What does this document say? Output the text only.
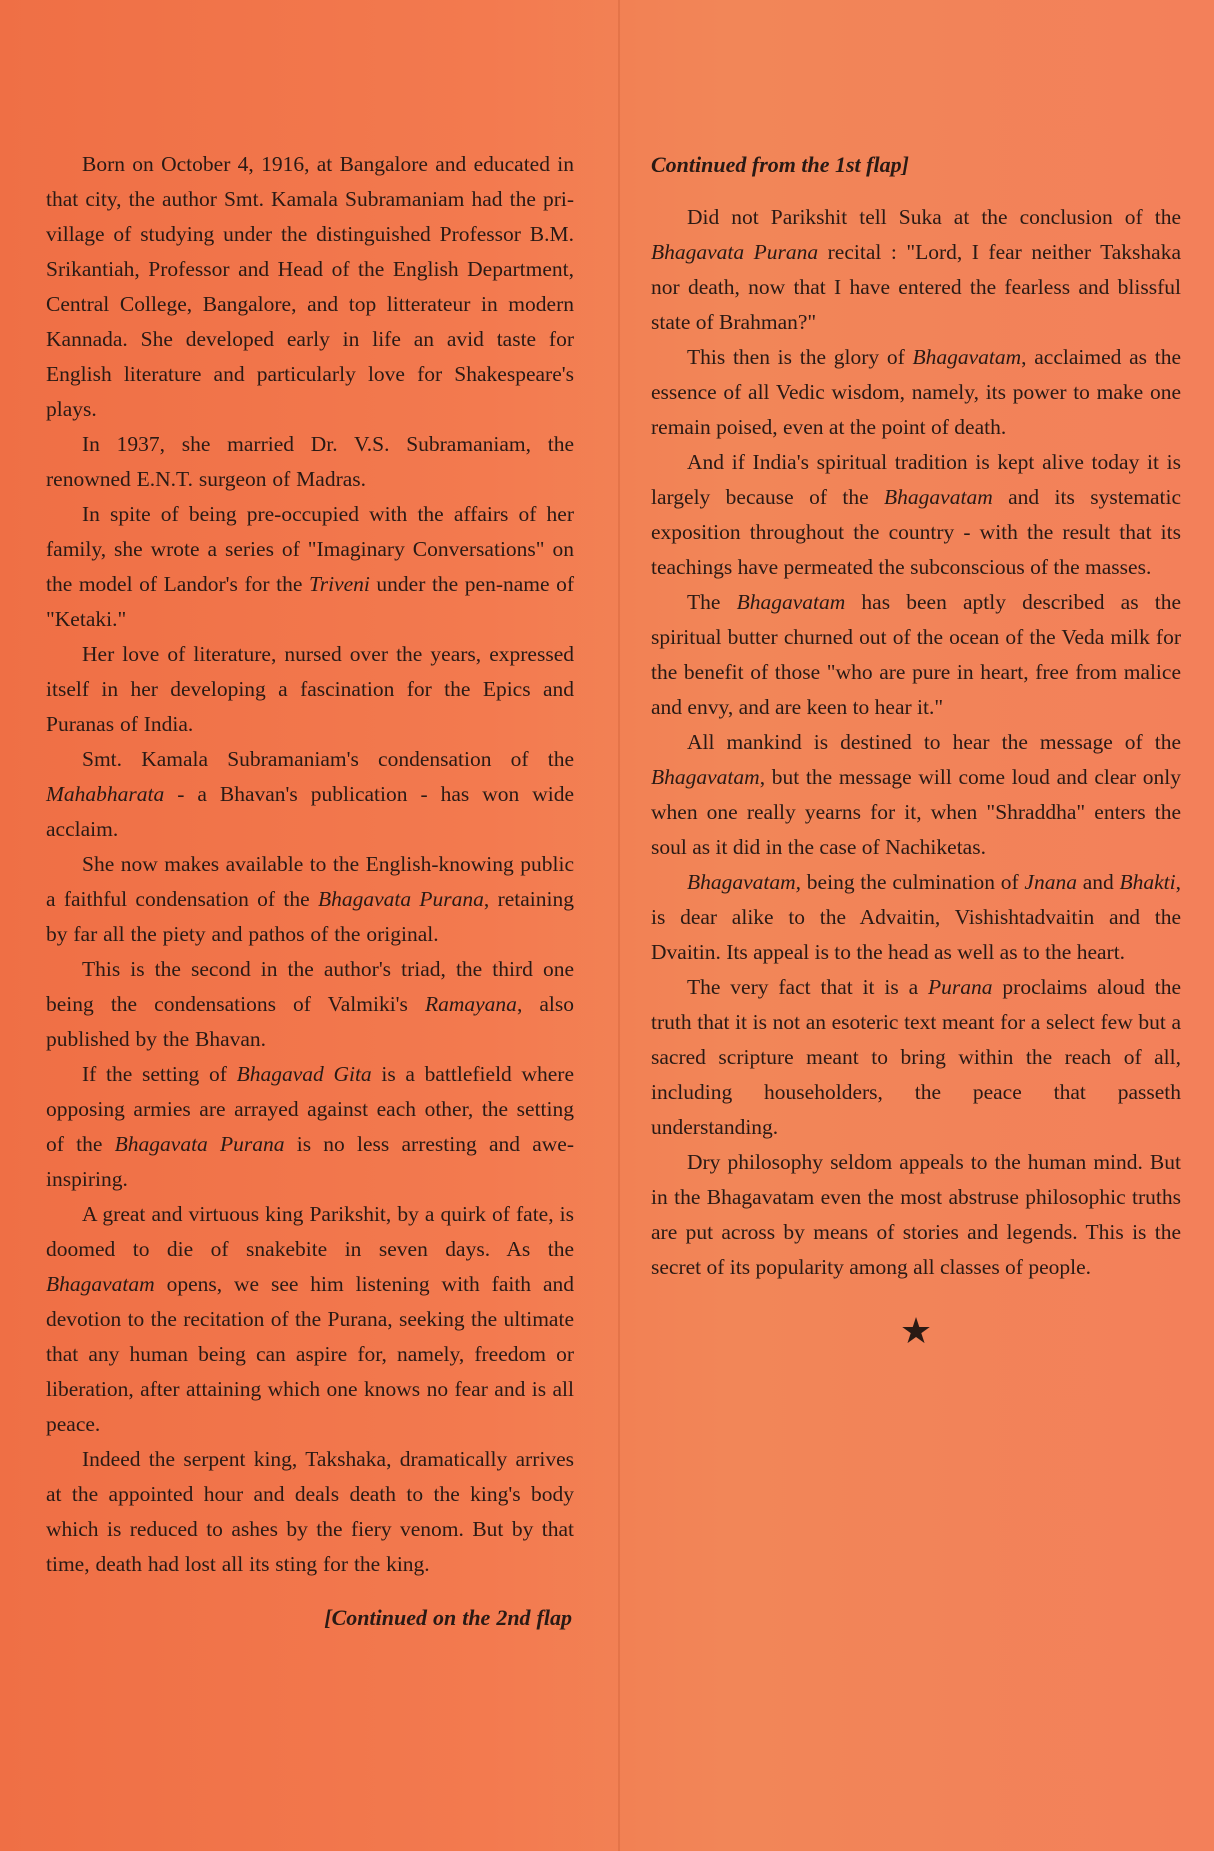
Born on October 4, 1916, at Bangalore and educated in that city, the author Smt. Kamala Subramaniam had the pri-village of studying under the distinguished Professor B.M. Srikantiah, Professor and Head of the English Department, Central College, Bangalore, and top litterateur in modern Kannada. She developed early in life an avid taste for English literature and particularly love for Shakespeare's plays.

In 1937, she married Dr. V.S. Subramaniam, the renowned E.N.T. surgeon of Madras.

In spite of being pre-occupied with the affairs of her family, she wrote a series of "Imaginary Conversations" on the model of Landor's for the Triveni under the pen-name of "Ketaki."

Her love of literature, nursed over the years, expressed itself in her developing a fascination for the Epics and Puranas of India.

Smt. Kamala Subramaniam's condensation of the Mahabharata - a Bhavan's publication - has won wide acclaim.

She now makes available to the English-knowing public a faithful condensation of the Bhagavata Purana, retaining by far all the piety and pathos of the original.

This is the second in the author's triad, the third one being the condensations of Valmiki's Ramayana, also published by the Bhavan.

If the setting of Bhagavad Gita is a battlefield where opposing armies are arrayed against each other, the setting of the Bhagavata Purana is no less arresting and awe-inspiring.

A great and virtuous king Parikshit, by a quirk of fate, is doomed to die of snakebite in seven days. As the Bhagavatam opens, we see him listening with faith and devotion to the recitation of the Purana, seeking the ultimate that any human being can aspire for, namely, freedom or liberation, after attaining which one knows no fear and is all peace.

Indeed the serpent king, Takshaka, dramatically arrives at the appointed hour and deals death to the king's body which is reduced to ashes by the fiery venom. But by that time, death had lost all its sting for the king.

[Continued on the 2nd flap

Continued from the 1st flap]

Did not Parikshit tell Suka at the conclusion of the Bhagavata Purana recital : "Lord, I fear neither Takshaka nor death, now that I have entered the fearless and blissful state of Brahman?"

This then is the glory of Bhagavatam, acclaimed as the essence of all Vedic wisdom, namely, its power to make one remain poised, even at the point of death.

And if India's spiritual tradition is kept alive today it is largely because of the Bhagavatam and its systematic exposition throughout the country - with the result that its teachings have permeated the subconscious of the masses.

The Bhagavatam has been aptly described as the spiritual butter churned out of the ocean of the Veda milk for the benefit of those "who are pure in heart, free from malice and envy, and are keen to hear it."

All mankind is destined to hear the message of the Bhagavatam, but the message will come loud and clear only when one really yearns for it, when "Shraddha" enters the soul as it did in the case of Nachiketas.

Bhagavatam, being the culmination of Jnana and Bhakti, is dear alike to the Advaitin, Vishishtadvaitin and the Dvaitin. Its appeal is to the head as well as to the heart.

The very fact that it is a Purana proclaims aloud the truth that it is not an esoteric text meant for a select few but a sacred scripture meant to bring within the reach of all, including householders, the peace that passeth understanding.

Dry philosophy seldom appeals to the human mind. But in the Bhagavatam even the most abstruse philosophic truths are put across by means of stories and legends. This is the secret of its popularity among all classes of people.

★
